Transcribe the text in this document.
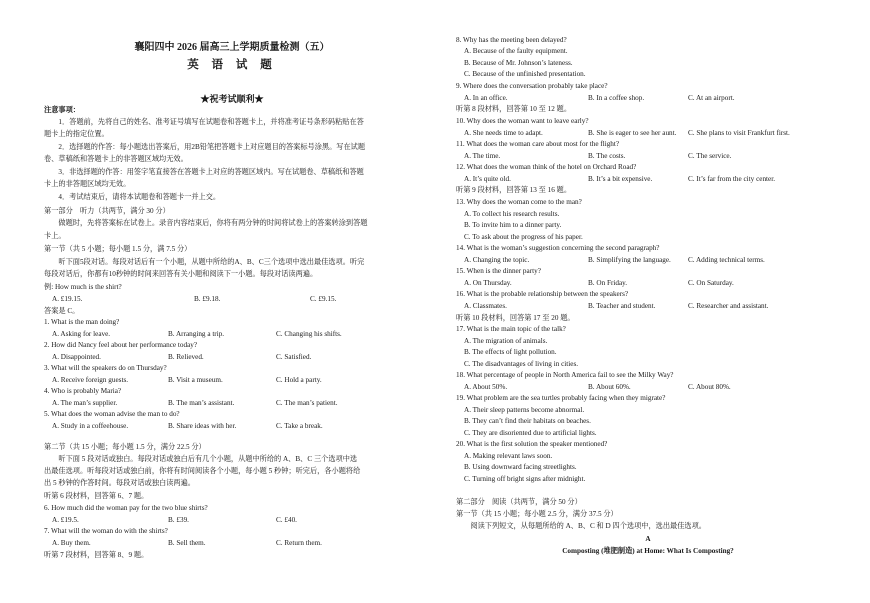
襄阳四中 2026 届高三上学期质量检测（五）
英 语 试 题
★祝考试顺利★
注意事项：
　　1．答题前，先将自己的姓名、准考证号填写在试题卷和答题卡上，并将准考证号条形码粘贴在答
题卡上的指定位置。
　　2．选择题的作答：每小题选出答案后，用2B铅笔把答题卡上对应题目的答案标号涂黑。写在试题
卷、草稿纸和答题卡上的非答题区域均无效。
　　3．非选择题的作答：用签字笔直接答在答题卡上对应的答题区域内。写在试题卷、草稿纸和答题
卡上的非答题区域均无效。
　　4．考试结束后，请将本试题卷和答题卡一并上交。
第一部分　听力（共两节，满分 30 分）
　　做题时，先将答案标在试卷上。录音内容结束后，你将有两分钟的时间将试卷上的答案转涂到答题
卡上。
第一节（共 5 小题；每小题 1.5 分，满 7.5 分）
　　听下面5段对话。每段对话后有一个小题，从题中所给的A、B、C三个选项中选出最佳选项。听完
每段对话后，你都有10秒钟的时间来回答有关小题和阅读下一小题。每段对话读两遍。
例: How much is the shirt?
A. £19.15.	B. £9.18.	C. £9.15.
答案是 C。
1. What is the man doing?
A. Asking for leave.	B. Arranging a trip.	C. Changing his shifts.
2. How did Nancy feel about her performance today?
A. Disappointed.	B. Relieved.	C. Satisfied.
3. What will the speakers do on Thursday?
A. Receive foreign guests.	B. Visit a museum.	C. Hold a party.
4. Who is probably Maria?
A. The man’s supplier.	B. The man’s assistant.	C. The man’s patient.
5. What does the woman advise the man to do?
A. Study in a coffeehouse.	B. Share ideas with her.	C. Take a break.
第二节（共 15 小题；每小题 1.5 分，满分 22.5 分）
　　听下面 5 段对话或独白。每段对话或独白后有几个小题，从题中所给的 A、B、C 三个选项中选
出最佳选项。听每段对话或独白前，你将有时间阅读各个小题，每小题 5 秒钟；听完后，各小题将给
出 5 秒钟的作答时间。每段对话或独白读两遍。
听第 6 段材料，回答第 6、7 题。
6. How much did the woman pay for the two blue shirts?
A. £19.5.	B. £39.	C. £40.
7. What will the woman do with the shirts?
A. Buy them.	B. Sell them.	C. Return them.
听第 7 段材料，回答第 8、9 题。
8. Why has the meeting been delayed?
A. Because of the faulty equipment.
B. Because of Mr. Johnson’s lateness.
C. Because of the unfinished presentation.
9. Where does the conversation probably take place?
A. In an office.	B. In a coffee shop.	C. At an airport.
听第 8 段材料，回答第 10 至 12 题。
10. Why does the woman want to leave early?
A. She needs time to adapt.	B. She is eager to see her aunt. C. She plans to visit Frankfurt first.
11. What does the woman care about most for the flight?
A. The time.	B. The costs.	C. The service.
12. What does the woman think of the hotel on Orchard Road?
A. It’s quite old.	B. It’s a bit expensive.	C. It’s far from the city center.
听第 9 段材料，回答第 13 至 16 题。
13. Why does the woman come to the man?
A. To collect his research results.
B. To invite him to a dinner party.
C. To ask about the progress of his paper.
14. What is the woman’s suggestion concerning the second paragraph?
A. Changing the topic.	B. Simplifying the language. C. Adding technical terms.
15. When is the dinner party?
A. On Thursday.	B. On Friday.	C. On Saturday.
16. What is the probable relationship between the speakers?
A. Classmates.	B. Teacher and student.	C. Researcher and assistant.
听第 10 段材料，回答第 17 至 20 题。
17. What is the main topic of the talk?
A. The migration of animals.
B. The effects of light pollution.
C. The disadvantages of living in cities.
18. What percentage of people in North America fail to see the Milky Way?
A. About 50%.	B. About 60%.	C. About 80%.
19. What problem are the sea turtles probably facing when they migrate?
A. Their sleep patterns become abnormal.
B. They can’t find their habitats on beaches.
C. They are disoriented due to artificial lights.
20. What is the first solution the speaker mentioned?
A. Making relevant laws soon.
B. Using downward facing streetlights.
C. Turning off bright signs after midnight.
第二部分　阅读（共两节，满分 50 分）
第一节（共 15 小题；每小题 2.5 分，满分 37.5 分）
　　阅读下列短文，从每题所给的 A、B、C 和 D 四个选项中，选出最佳选项。
A
Composting (堆肥制造) at Home: What Is Composting?
